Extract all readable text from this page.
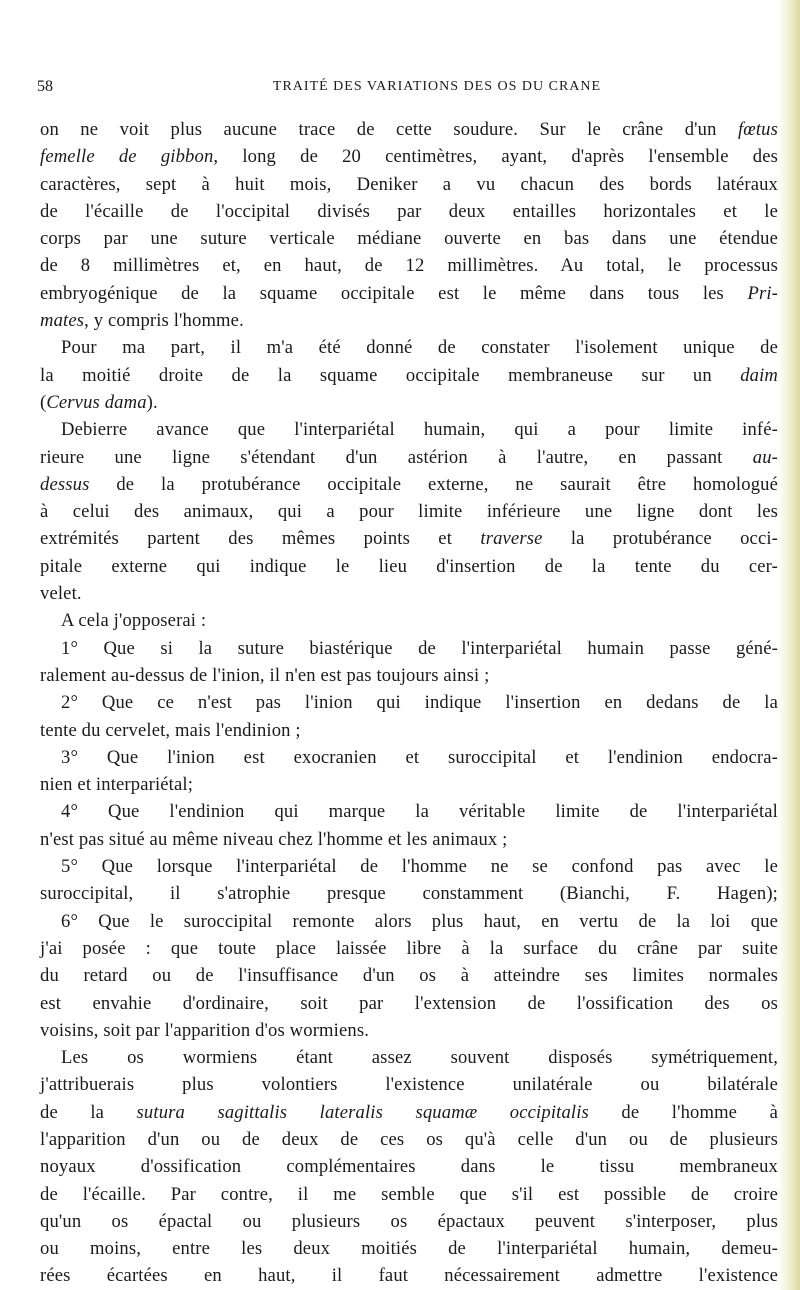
58	TRAITÉ DES VARIATIONS DES OS DU CRANE
on ne voit plus aucune trace de cette soudure. Sur le crâne d'un fœtus
femelle de gibbon, long de 20 centimètres, ayant, d'après l'ensemble des
caractères, sept à huit mois, Deniker a vu chacun des bords latéraux
de l'écaille de l'occipital divisés par deux entailles horizontales et le
corps par une suture verticale médiane ouverte en bas dans une étendue
de 8 millimètres et, en haut, de 12 millimètres. Au total, le processus
embryogénique de la squame occipitale est le même dans tous les Pri-
mates, y compris l'homme.
Pour ma part, il m'a été donné de constater l'isolement unique de
la moitié droite de la squame occipitale membraneuse sur un daim
(Cervus dama).
Debierre avance que l'interpariétal humain, qui a pour limite infé-
rieure une ligne s'étendant d'un astérion à l'autre, en passant au-
dessus de la protubérance occipitale externe, ne saurait être homologué
à celui des animaux, qui a pour limite inférieure une ligne dont les
extrémités partent des mêmes points et traverse la protubérance occi-
pitale externe qui indique le lieu d'insertion de la tente du cer-
velet.
A cela j'opposerai :
1° Que si la suture biastérique de l'interpariétal humain passe géné-
ralement au-dessus de l'inion, il n'en est pas toujours ainsi ;
2° Que ce n'est pas l'inion qui indique l'insertion en dedans de la
tente du cervelet, mais l'endinion ;
3° Que l'inion est exocranien et suroccipital et l'endinion endocra-
nien et interpariétal;
4° Que l'endinion qui marque la véritable limite de l'interpariétal
n'est pas situé au même niveau chez l'homme et les animaux ;
5° Que lorsque l'interpariétal de l'homme ne se confond pas avec le
suroccipital, il s'atrophie presque constamment (Bianchi, F. Hagen);
6° Que le suroccipital remonte alors plus haut, en vertu de la loi que
j'ai posée : que toute place laissée libre à la surface du crâne par suite
du retard ou de l'insuffisance d'un os à atteindre ses limites normales
est envahie d'ordinaire, soit par l'extension de l'ossification des os
voisins, soit par l'apparition d'os wormiens.
Les os wormiens étant assez souvent disposés symétriquement,
j'attribuerais plus volontiers l'existence unilatérale ou bilatérale
de la sutura sagittalis lateralis squamæ occipitalis de l'homme à
l'apparition d'un ou de deux de ces os qu'à celle d'un ou de plusieurs
noyaux d'ossification complémentaires dans le tissu membraneux
de l'écaille. Par contre, il me semble que s'il est possible de croire
qu'un os épactal ou plusieurs os épactaux peuvent s'interposer, plus
ou moins, entre les deux moitiés de l'interpariétal humain, demeu-
rées écartées en haut, il faut nécessairement admettre l'existence
